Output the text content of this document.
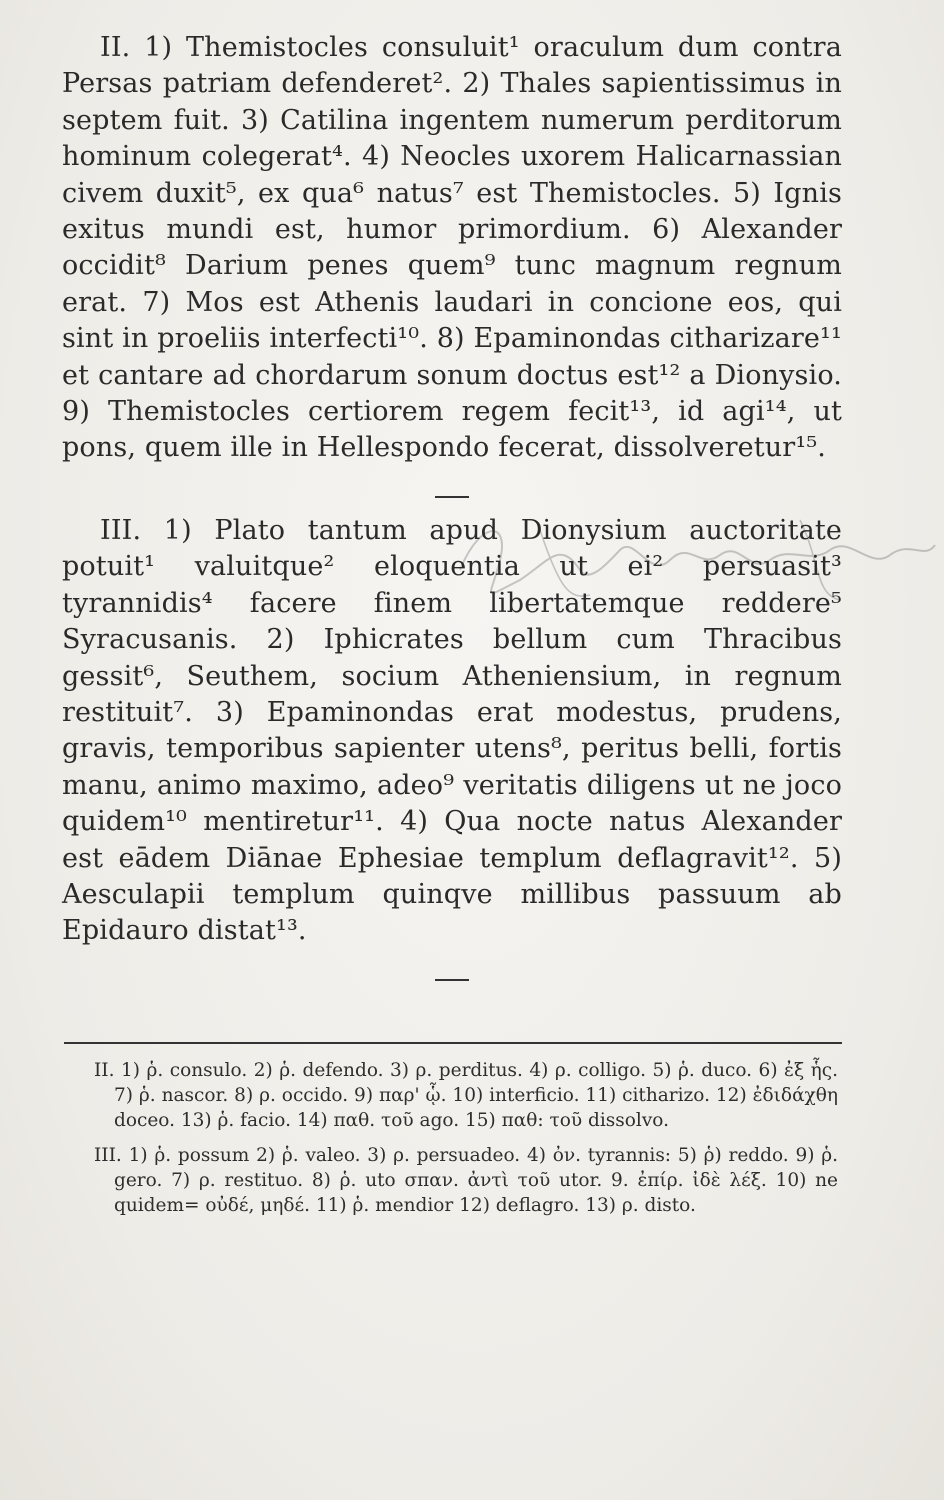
II. 1) Themistocles consuluit¹ oraculum dum contra Persas patriam defenderet². 2) Thales sapientissimus in septem fuit. 3) Catilina ingentem numerum perditorum hominum colegerat⁴. 4) Neocles uxorem Halicarnassian civem duxit⁵, ex qua⁶ natus⁷ est Themistocles. 5) Ignis exitus mundi est, humor primordium. 6) Alexander occidit⁸ Darium penes quem⁹ tunc magnum regnum erat. 7) Mos est Athenis laudari in concione eos, qui sint in proeliis interfecti¹⁰. 8) Epaminondas citharizare¹¹ et cantare ad chordarum sonum doctus est¹² a Dionysio. 9) Themistocles certiorem regem fecit¹³, id agi¹⁴, ut pons, quem ille in Hellespondo fecerat, dissolveretur¹⁵.

III. 1) Plato tantum apud Dionysium auctoritate potuit¹ valuitque² eloquentia ut ei² persuasit³ tyrannidis⁴ facere finem libertatemque reddere⁵ Syracusanis. 2) Iphicrates bellum cum Thracibus gessit⁶, Seuthem, socium Atheniensium, in regnum restituit⁷. 3) Epaminondas erat modestus, prudens, gravis, temporibus sapienter utens⁸, peritus belli, fortis manu, animo maximo, adeo⁹ veritatis diligens ut ne joco quidem¹⁰ mentiretur¹¹. 4) Qua nocte natus Alexander est eādem Diānae Ephesiae templum deflagravit¹². 5) Aesculapii templum quinqve millibus passuum ab Epidauro distat¹³.

II. 1) ῥ. consulo. 2) ῥ. defendo. 3) ρ. perditus. 4) ρ. colligo. 5) ῥ. duco. 6) ἐξ ἧς. 7) ῥ. nascor. 8) ρ. occido. 9) παρ' ᾧ. 10) interficio. 11) citharizo. 12) ἐδιδάχθη doceo. 13) ῥ. facio. 14) παθ. τοῦ ago. 15) παθ: τοῦ dissolvo.

III. 1) ῥ. possum 2) ῥ. valeo. 3) ρ. persuadeo. 4) ὀν. tyrannis: 5) ῥ) reddo. 9) ῥ. gero. 7) ρ. restituo. 8) ῥ. uto σπαν. ἀντὶ τοῦ utor. 9. ἐπίρ. ἰδὲ λέξ. 10) ne quidem= οὐδέ, μηδέ. 11) ῥ. mendior 12) deflagro. 13) ρ. disto.
